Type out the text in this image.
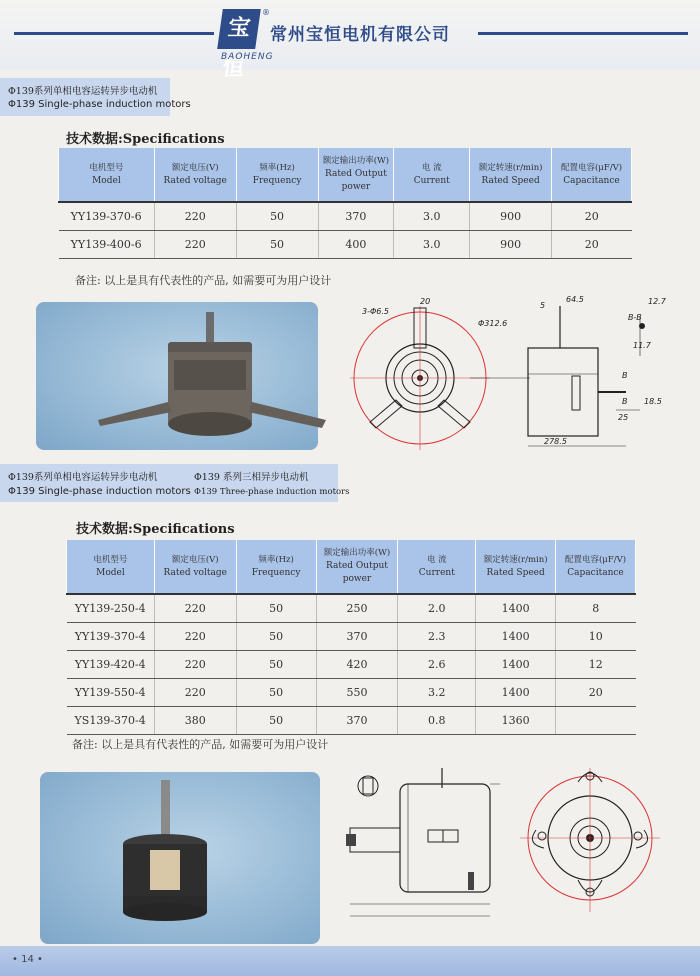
宝恒
®
BAOHENG
常州宝恒电机有限公司
Φ139系列单相电容运转异步电动机
Φ139 Single-phase induction motors
技术数据:Specifications
电机型号
Model	额定电压(V)
Rated voltage	频率(Hz)
Frequency	额定输出功率(W)
Rated Output power	电 流
Current	额定转速(r/min)
Rated Speed	配置电容(μF/V)
Capacitance

YY139-370-6	220	50	370	3.0	900	20
YY139-400-6	220	50	400	3.0	900	20
备注: 以上是具有代表性的产品, 如需要可为用户设计
3-Φ6.5
20
Φ312.6
5
64.5	12.7
B-B
11.7
18.5
25
278.5
B
B
Φ139系列单相电容运转异步电动机
Φ139 Single-phase induction motors
Φ139 系列三相异步电动机
Φ139 Three-phase induction motors
技术数据:Specifications
电机型号
Model	额定电压(V)
Rated voltage	频率(Hz)
Frequency	额定输出功率(W)
Rated Output power	电 流
Current	额定转速(r/min)
Rated Speed	配置电容(μF/V)
Capacitance

YY139-250-4	220	50	250	2.0	1400	8
YY139-370-4	220	50	370	2.3	1400	10
YY139-420-4	220	50	420	2.6	1400	12
YY139-550-4	220	50	550	3.2	1400	20
YS139-370-4	380	50	370	0.8	1360	
备注: 以上是具有代表性的产品, 如需要可为用户设计
• 14 •
